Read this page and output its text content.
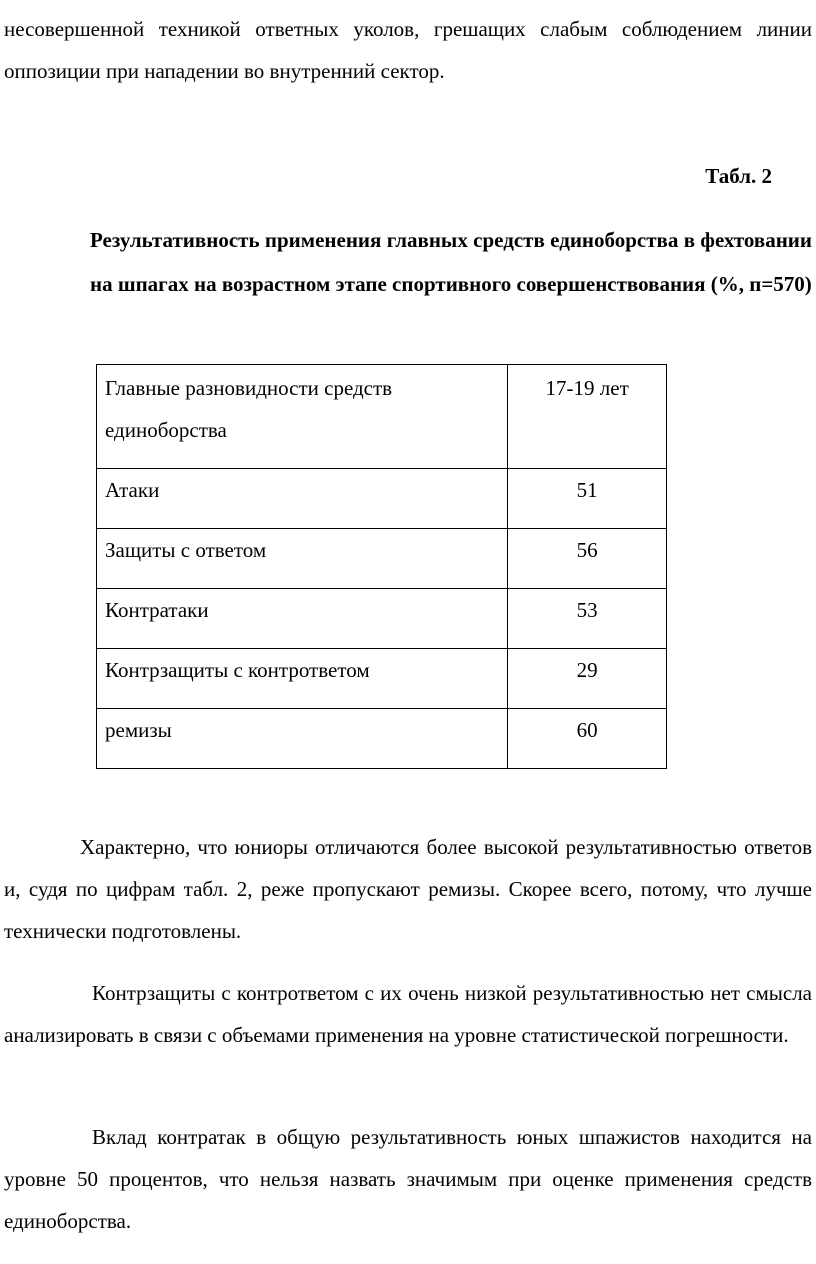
несовершенной техникой ответных уколов, грешащих слабым соблюдением линии оппозиции при нападении во внутренний сектор.

Табл. 2

Результативность применения главных средств единоборства в фехтовании на шпагах на возрастном этапе спортивного совершенствования (%, п=570)

Главные разновидности средств единоборства	17-19 лет
Атаки	51
Защиты с ответом	56
Контратаки	53
Контрзащиты с контрответом	29
ремизы	60

Характерно, что юниоры отличаются более высокой результативностью ответов и, судя по цифрам табл. 2, реже пропускают ремизы. Скорее всего, потому, что лучше технически подготовлены.

Контрзащиты с контрответом с их очень низкой результативностью нет смысла анализировать в связи с объемами применения на уровне статистической погрешности.

Вклад контратак в общую результативность юных шпажистов находится на уровне 50 процентов, что нельзя назвать значимым при оценке применения средств единоборства.
